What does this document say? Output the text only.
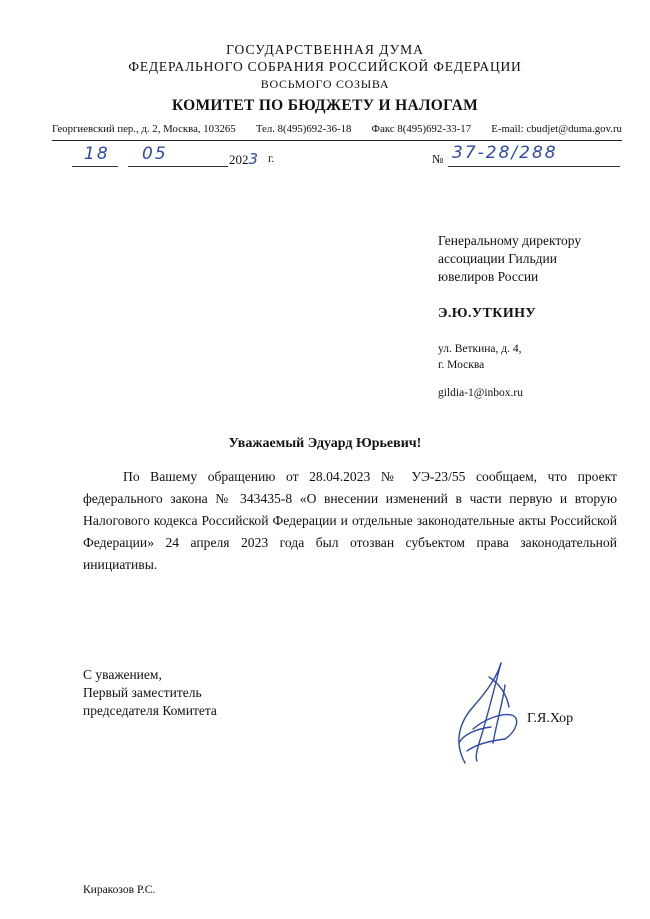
ГОСУДАРСТВЕННАЯ ДУМА
ФЕДЕРАЛЬНОГО СОБРАНИЯ РОССИЙСКОЙ ФЕДЕРАЦИИ
ВОСЬМОГО СОЗЫВА
КОМИТЕТ ПО БЮДЖЕТУ И НАЛОГАМ
Георгиевский пер., д. 2, Москва, 103265 Тел. 8(495)692-36-18 Факс 8(495)692-33-17 E-mail: cbudjet@duma.gov.ru
18 05	2023 г.	№ 37-28/288
Генеральному директору
ассоциации Гильдии
ювелиров России
Э.Ю.УТКИНУ
ул. Веткина, д. 4,
г. Москва
gildia-1@inbox.ru
Уважаемый Эдуард Юрьевич!
По Вашему обращению от 28.04.2023 № УЭ-23/55 сообщаем, что проект федерального закона № 343435-8 «О внесении изменений в части первую и вторую Налогового кодекса Российской Федерации и отдельные законодательные акты Российской Федерации» 24 апреля 2023 года был отозван субъектом права законодательной инициативы.
С уважением,
Первый заместитель
председателя Комитета
Г.Я.Хор
Киракозов Р.С.
